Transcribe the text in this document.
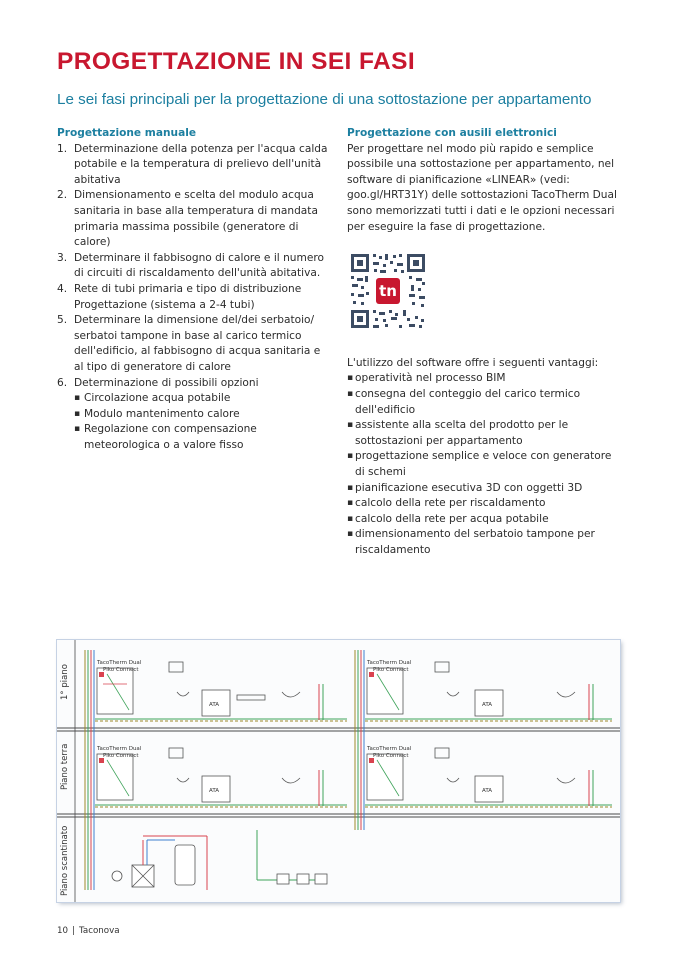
PROGETTAZIONE IN SEI FASI
Le sei fasi principali per la progettazione di una sottostazione per appartamento
Progettazione manuale
1. Determinazione della potenza per l'acqua calda potabile e la temperatura di prelievo dell'unità abitativa
2. Dimensionamento e scelta del modulo acqua sanitaria in base alla temperatura di mandata primaria massima possibile (generatore di calore)
3. Determinare il fabbisogno di calore e il numero di circuiti di riscaldamento dell'unità abitativa.
4. Rete di tubi primaria e tipo di distribuzione Progettazione (sistema a 2-4 tubi)
5. Determinare la dimensione del/dei serbatoio/ serbatoi tampone in base al carico termico dell'edificio, al fabbisogno di acqua sanitaria e al tipo di generatore di calore
6. Determinazione di possibili opzioni
▪ Circolazione acqua potabile
▪ Modulo mantenimento calore
▪ Regolazione con compensazione meteorologica o a valore fisso
Progettazione con ausili elettronici

Per progettare nel modo più rapido e semplice possibile una sottostazione per appartamento, nel software di pianificazione «LINEAR» (vedi: goo.gl/HRT31Y) delle sottostazioni TacoTherm Dual sono memorizzati tutti i dati e le opzioni necessari per eseguire la fase di progettazione.

tn

L'utilizzo del software offre i seguenti vantaggi:

▪ operatività nel processo BIM
▪ consegna del conteggio del carico termico dell'edificio
▪ assistente alla scelta del prodotto per le sottostazioni per appartamento
▪ progettazione semplice e veloce con generatore di schemi
▪ pianificazione esecutiva 3D con oggetti 3D
▪ calcolo della rete per riscaldamento
▪ calcolo della rete per acqua potabile
▪ dimensionamento del serbatoio tampone per riscaldamento
TacoTherm Dual
Piko Connect
TacoTherm Dual
Piko Connect
TacoTherm Dual
Piko Connect
TacoTherm Dual
Piko Connect
ATA	ATA
ATA	ATA
1° piano
Piano terra
Piano scantinato
10 | Taconova
